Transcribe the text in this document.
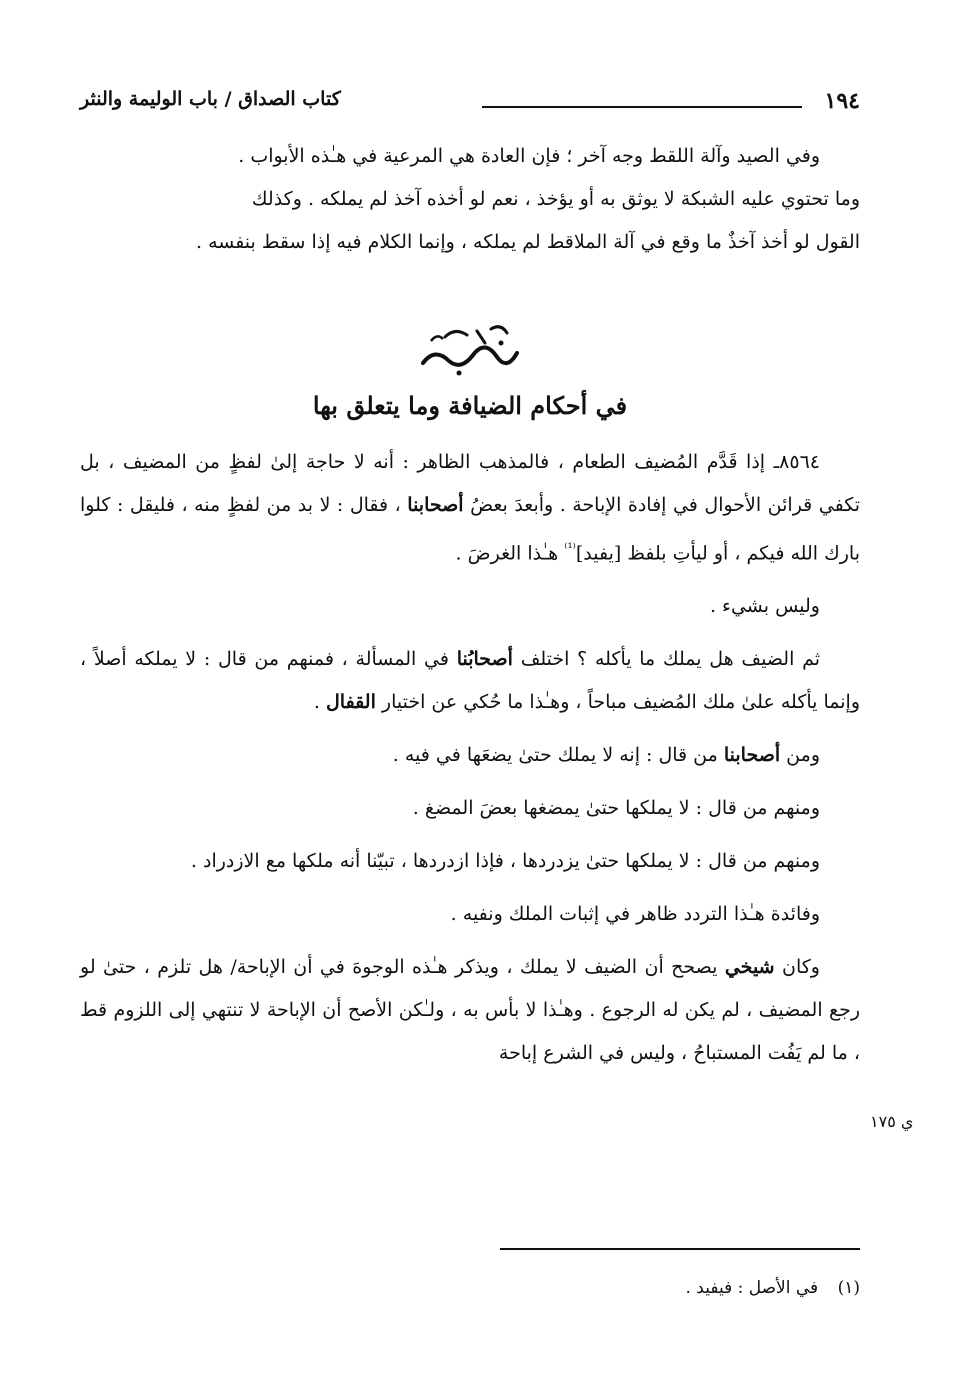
١٩٤
كتاب الصداق / باب الوليمة والنثر

وفي الصيد وآلة اللقط وجه آخر ؛ فإن العادة هي المرعية في هـٰذه الأبواب .

وما تحتوي عليه الشبكة لا يوثق به أو يؤخذ ، نعم لو أخذه آخذ لم يملكه . وكذلك

القول لو أخذ آخذٌ ما وقع في آلة الملاقط لم يملكه ، وإنما الكلام فيه إذا سقط بنفسه .

في أحكام الضيافة وما يتعلق بها

٨٥٦٤ـ إذا قَدَّم المُضيف الطعام ، فالمذهب الظاهر : أنه لا حاجة إلىٰ لفظٍ من المضيف ، بل تكفي قرائن الأحوال في إفادة الإباحة . وأبعدَ بعضُ أصحابنا ، فقال : لا بد من لفظٍ منه ، فليقل : كلوا بارك الله فيكم ، أو ليأتِ بلفظ [يفيد]$^{^{(1)}}$ هـٰذا الغرضَ .

وليس بشيء .

ثم الضيف هل يملك ما يأكله ؟ اختلف أصحابُنا في المسألة ، فمنهم من قال : لا يملكه أصلاً ، وإنما يأكله علىٰ ملك المُضيف مباحاً ، وهـٰذا ما حُكي عن اختيار القفال .

ومن أصحابنا من قال : إنه لا يملك حتىٰ يضعَها في فيه .

ومنهم من قال : لا يملكها حتىٰ يمضغها بعضَ المضغ .

ومنهم من قال : لا يملكها حتىٰ يزدردها ، فإذا ازدردها ، تبيّنا أنه ملكها مع الازدراد .

وفائدة هـٰذا التردد ظاهر في إثبات الملك ونفيه .

وكان شيخي يصحح أن الضيف لا يملك ، ويذكر هـٰذه الوجوهَ في أن الإباحة/ هل تلزم ، حتىٰ لو رجع المضيف ، لم يكن له الرجوع . وهـٰذا لا بأس به ، ولـٰكن الأصح أن الإباحة لا تنتهي إلى اللزوم قط ، ما لم يَفُت المستباحُ ، وليس في الشرع إباحة

ي ١٧٥
(١) في الأصل : فيفيد .
